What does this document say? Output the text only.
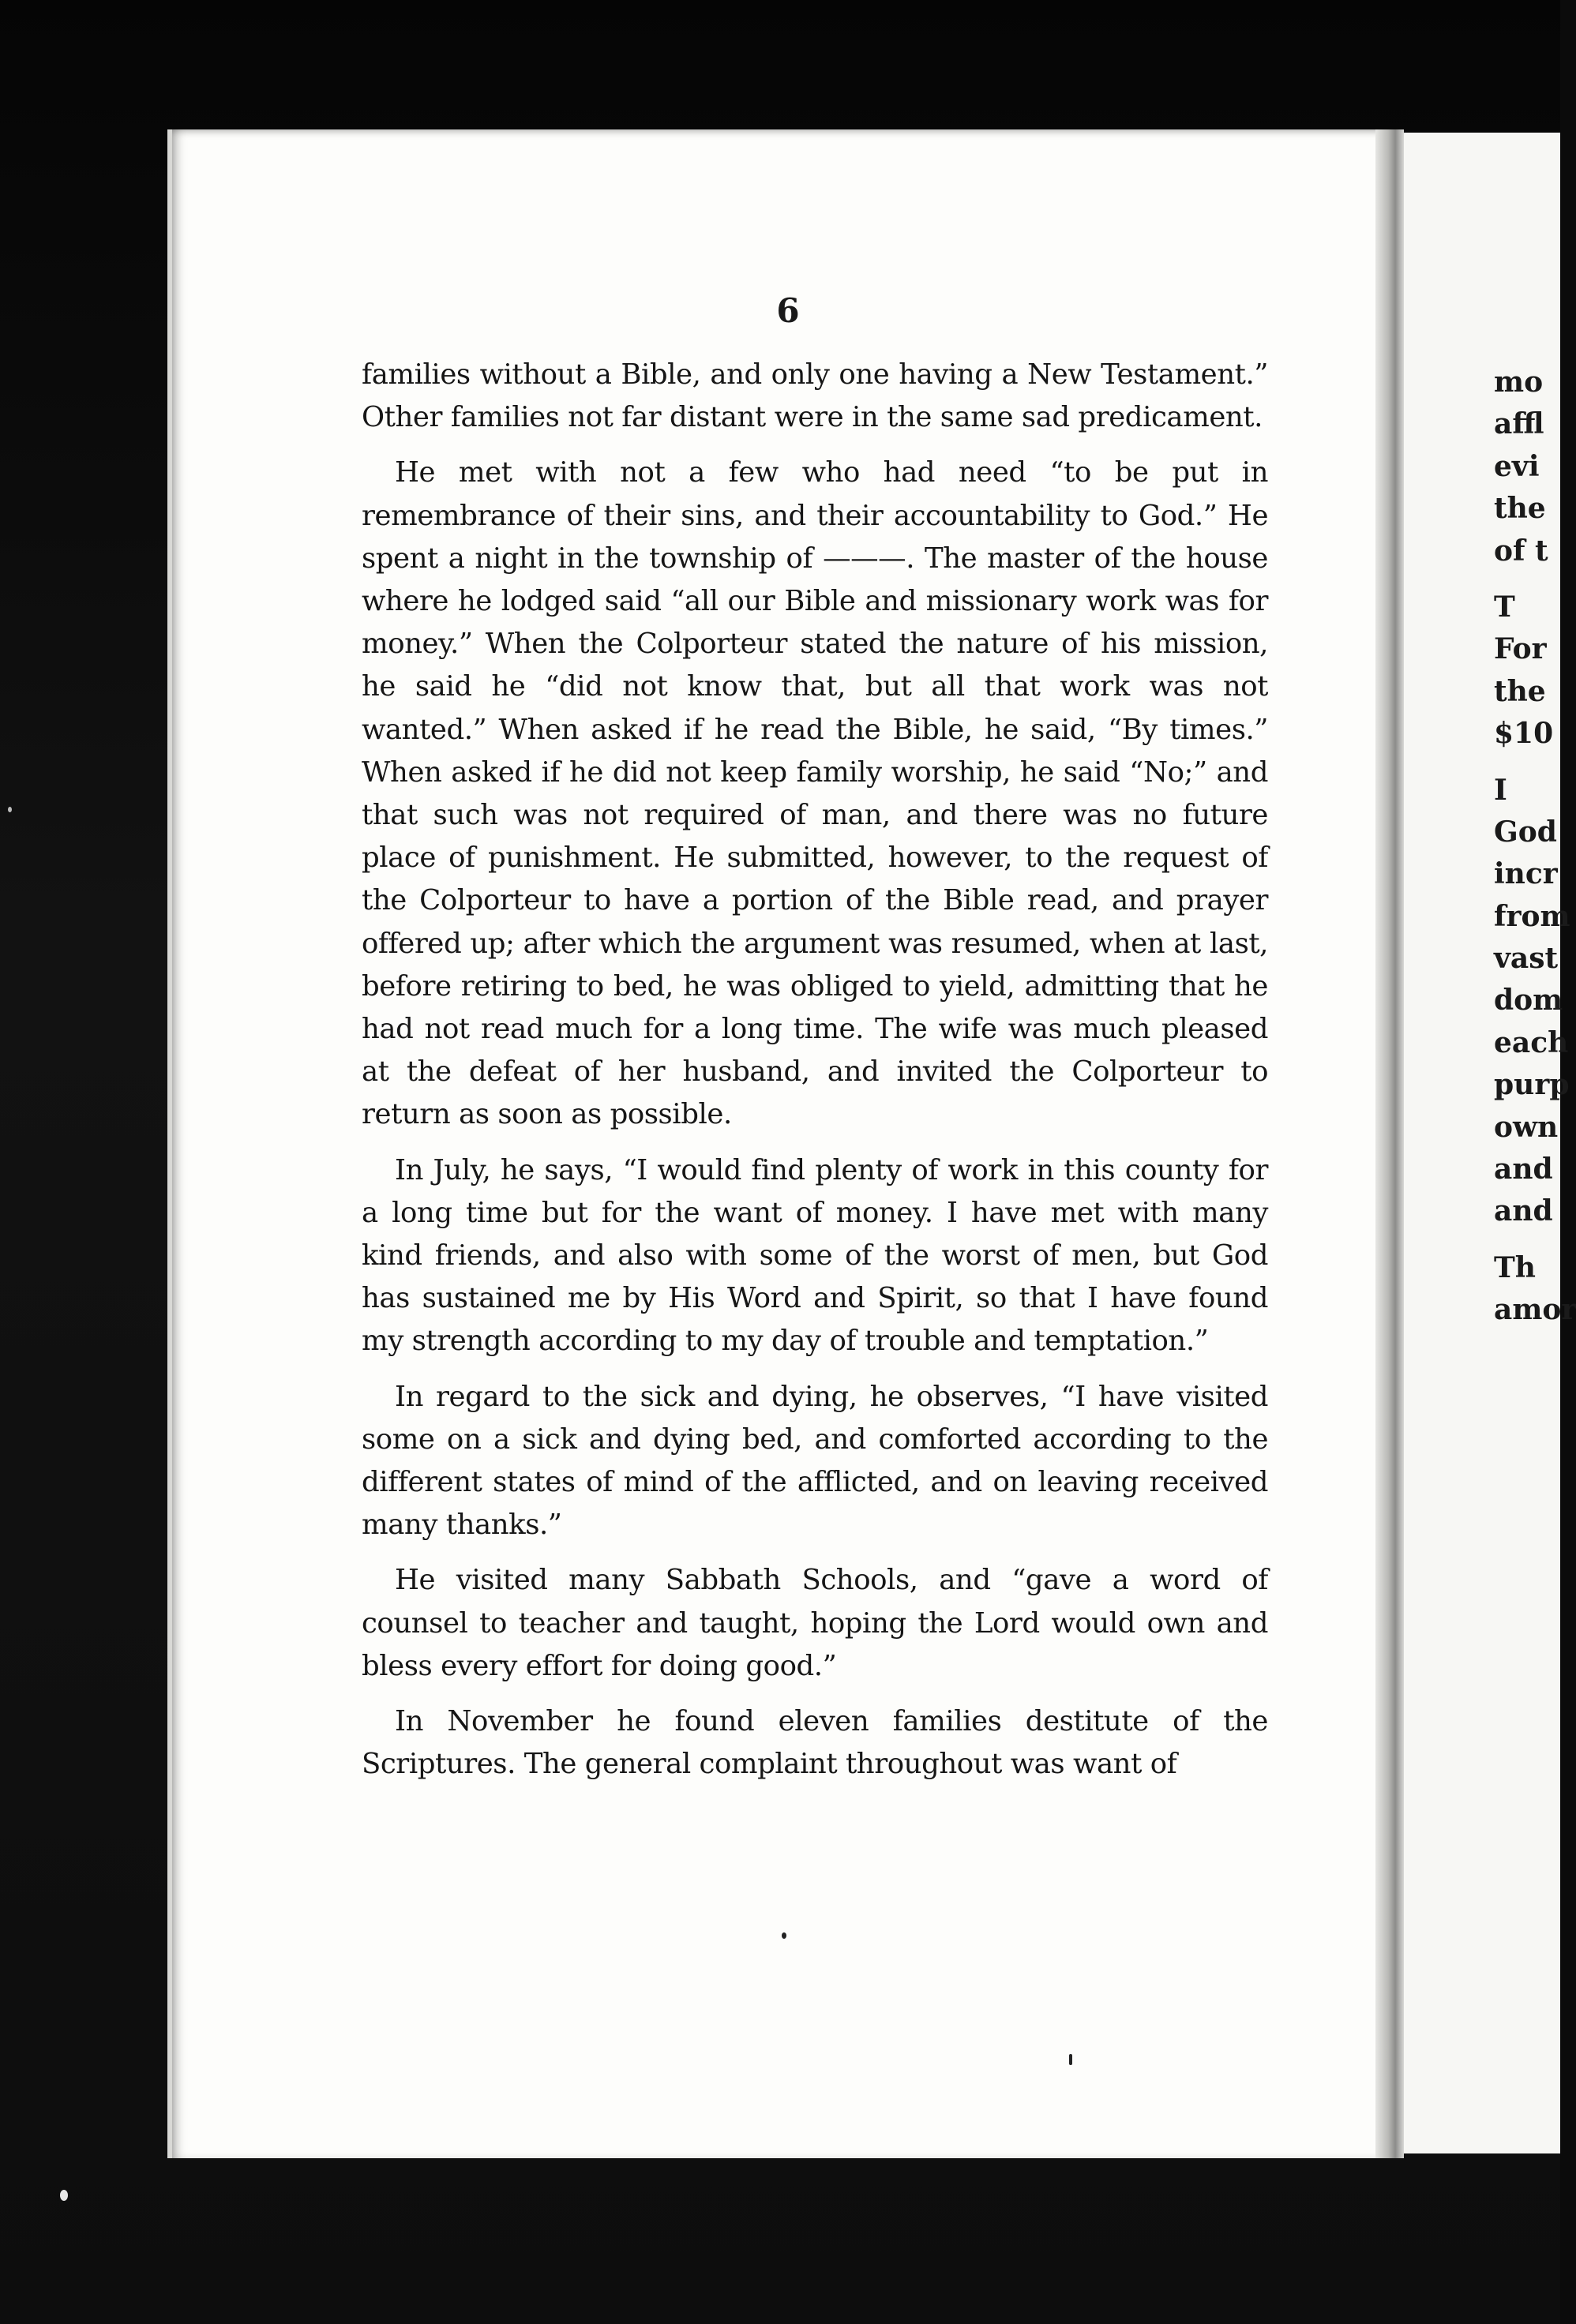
6

families without a Bible, and only one having a New Testament.” Other families not far distant were in the same sad predicament.

He met with not a few who had need “to be put in remembrance of their sins, and their accountability to God.” He spent a night in the township of ———. The master of the house where he lodged said “all our Bible and missionary work was for money.” When the Colporteur stated the nature of his mission, he said he “did not know that, but all that work was not wanted.” When asked if he read the Bible, he said, “By times.” When asked if he did not keep family worship, he said “No;” and that such was not required of man, and there was no future place of punishment. He submitted, however, to the request of the Colporteur to have a portion of the Bible read, and prayer offered up; after which the argument was resumed, when at last, before retiring to bed, he was obliged to yield, admitting that he had not read much for a long time. The wife was much pleased at the defeat of her husband, and invited the Colporteur to return as soon as possible.

In July, he says, “I would find plenty of work in this county for a long time but for the want of money. I have met with many kind friends, and also with some of the worst of men, but God has sustained me by His Word and Spirit, so that I have found my strength according to my day of trouble and temptation.”

In regard to the sick and dying, he observes, “I have visited some on a sick and dying bed, and comforted according to the different states of mind of the afflicted, and on leaving received many thanks.”

He visited many Sabbath Schools, and “gave a word of counsel to teacher and taught, hoping the Lord would own and bless every effort for doing good.”

In November he found eleven families destitute of the Scriptures. The general complaint throughout was want of

mo
affl
evi
the
of t
T
For
the
$10
I
God
incr
from
vast
dom
each
purp
own
and
and
Th
amor
